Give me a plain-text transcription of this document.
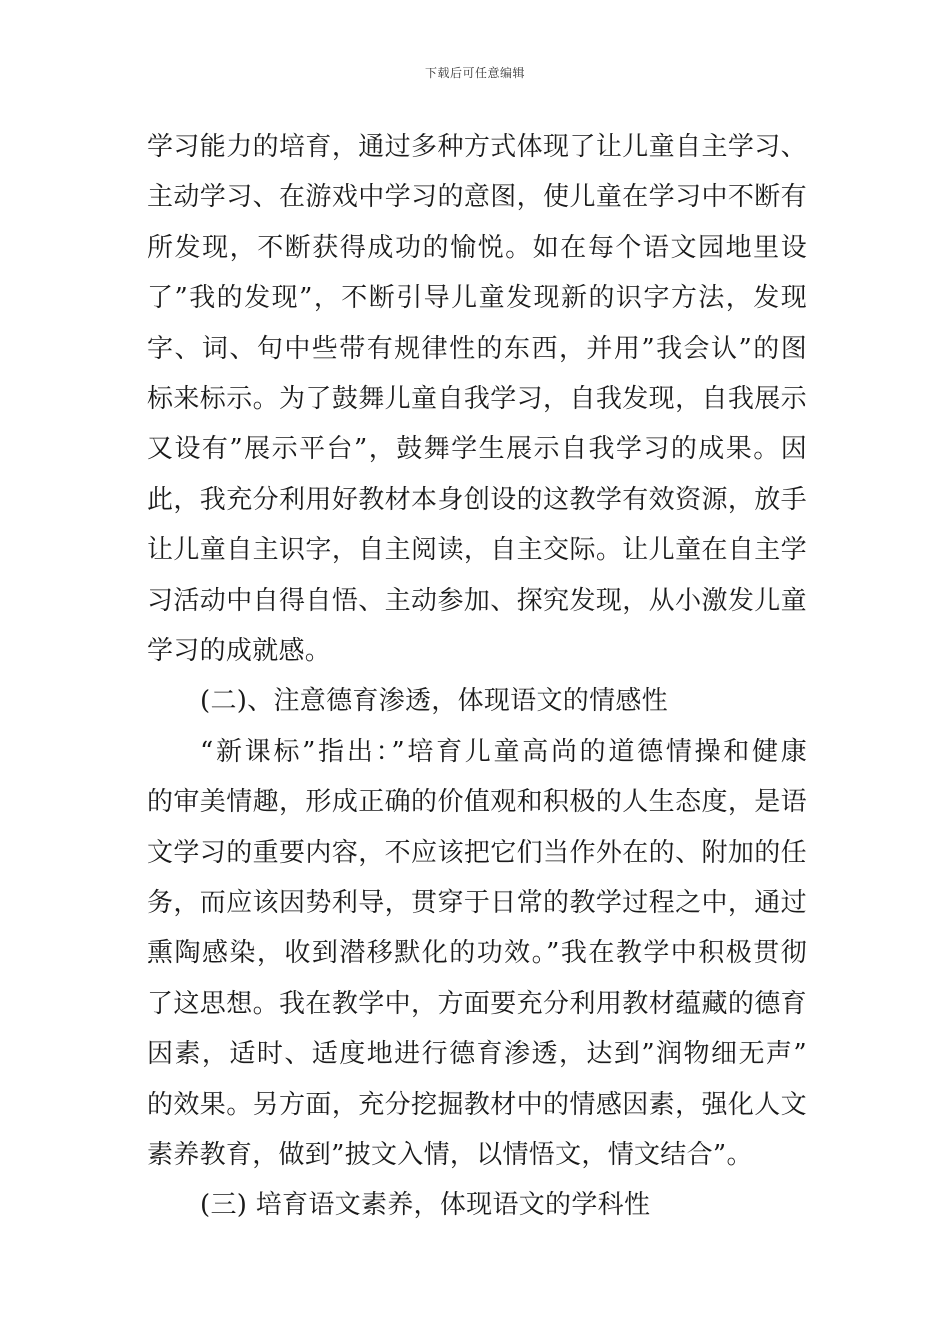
下载后可任意编辑
学习能力的培育，通过多种方式体现了让儿童自主学习、
主动学习、在游戏中学习的意图，使儿童在学习中不断有
所发现，不断获得成功的愉悦。如在每个语文园地里设
了”我的发现”，不断引导儿童发现新的识字方法，发现
字、词、句中些带有规律性的东西，并用”我会认”的图
标来标示。为了鼓舞儿童自我学习，自我发现，自我展示
又设有”展示平台”，鼓舞学生展示自我学习的成果。因
此，我充分利用好教材本身创设的这教学有效资源，放手
让儿童自主识字，自主阅读，自主交际。让儿童在自主学
习活动中自得自悟、主动参加、探究发现，从小激发儿童
学习的成就感。
(二)、注意德育渗透，体现语文的情感性
“新课标”指出：”培育儿童高尚的道德情操和健康
的审美情趣，形成正确的价值观和积极的人生态度，是语
文学习的重要内容，不应该把它们当作外在的、附加的任
务，而应该因势利导，贯穿于日常的教学过程之中，通过
熏陶感染，收到潜移默化的功效。”我在教学中积极贯彻
了这思想。我在教学中，方面要充分利用教材蕴藏的德育
因素，适时、适度地进行德育渗透，达到”润物细无声”
的效果。另方面，充分挖掘教材中的情感因素，强化人文
素养教育，做到”披文入情，以情悟文，情文结合”。
(三) 培育语文素养，体现语文的学科性
